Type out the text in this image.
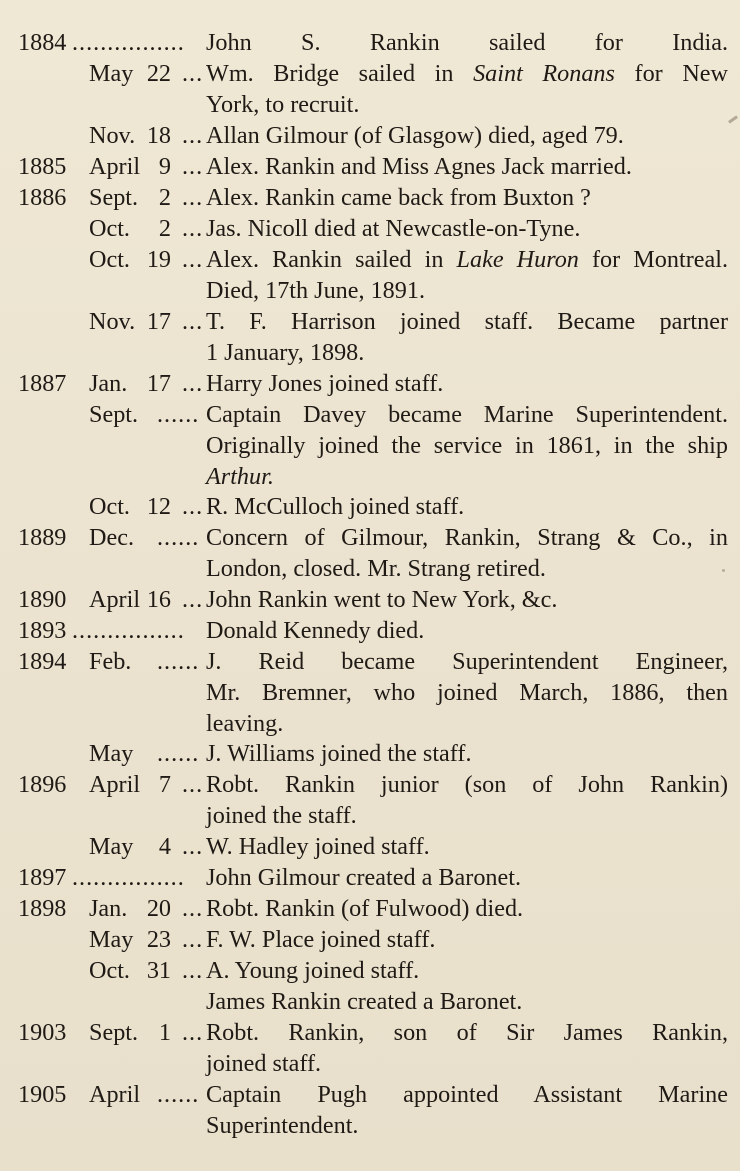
1884 ................ John S. Rankin sailed for India.
May 22 ... Wm. Bridge sailed in Saint Ronans for New
York, to recruit.
Nov. 18 ... Allan Gilmour (of Glasgow) died, aged 79.
1885 April 9 ... Alex. Rankin and Miss Agnes Jack married.
1886 Sept. 2 ... Alex. Rankin came back from Buxton ?
Oct. 2 ... Jas. Nicoll died at Newcastle-on-Tyne.
Oct. 19 ... Alex. Rankin sailed in Lake Huron for Montreal.
Died, 17th June, 1891.
Nov. 17 ... T. F. Harrison joined staff. Became partner
1 January, 1898.
1887 Jan. 17 ... Harry Jones joined staff.
Sept. ...... Captain Davey became Marine Superintendent.
Originally joined the service in 1861, in the ship
Arthur.
Oct. 12 ... R. McCulloch joined staff.
1889 Dec. ...... Concern of Gilmour, Rankin, Strang & Co., in
London, closed. Mr. Strang retired.
1890 April 16 ... John Rankin went to New York, &c.
1893 ................ Donald Kennedy died.
1894 Feb. ...... J. Reid became Superintendent Engineer,
Mr. Bremner, who joined March, 1886, then
leaving.
May ...... J. Williams joined the staff.
1896 April 7 ... Robt. Rankin junior (son of John Rankin)
joined the staff.
May 4 ... W. Hadley joined staff.
1897 ................ John Gilmour created a Baronet.
1898 Jan. 20 ... Robt. Rankin (of Fulwood) died.
May 23 ... F. W. Place joined staff.
Oct. 31 ... A. Young joined staff.
James Rankin created a Baronet.
1903 Sept. 1 ... Robt. Rankin, son of Sir James Rankin,
joined staff.
1905 April ...... Captain Pugh appointed Assistant Marine
Superintendent.
